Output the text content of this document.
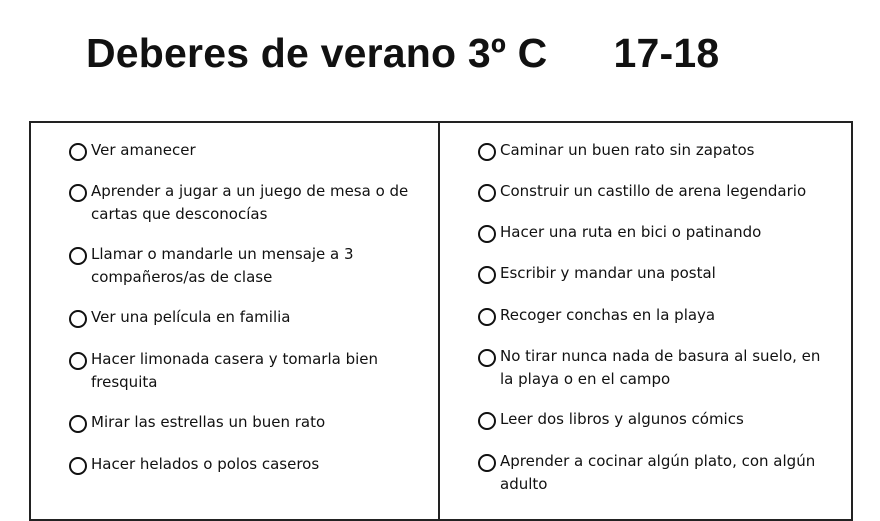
Deberes de verano 3º C 17-18
Ver amanecer
Aprender a jugar a un juego de mesa o de
cartas que desconocías
Llamar o mandarle un mensaje a 3
compañeros/as de clase
Ver una película en familia
Hacer limonada casera y tomarla bien
fresquita
Mirar las estrellas un buen rato
Hacer helados o polos caseros
Caminar un buen rato sin zapatos
Construir un castillo de arena legendario
Hacer una ruta en bici o patinando
Escribir y mandar una postal
Recoger conchas en la playa
No tirar nunca nada de basura al suelo, en
la playa o en el campo
Leer dos libros y algunos cómics
Aprender a cocinar algún plato, con algún
adulto
